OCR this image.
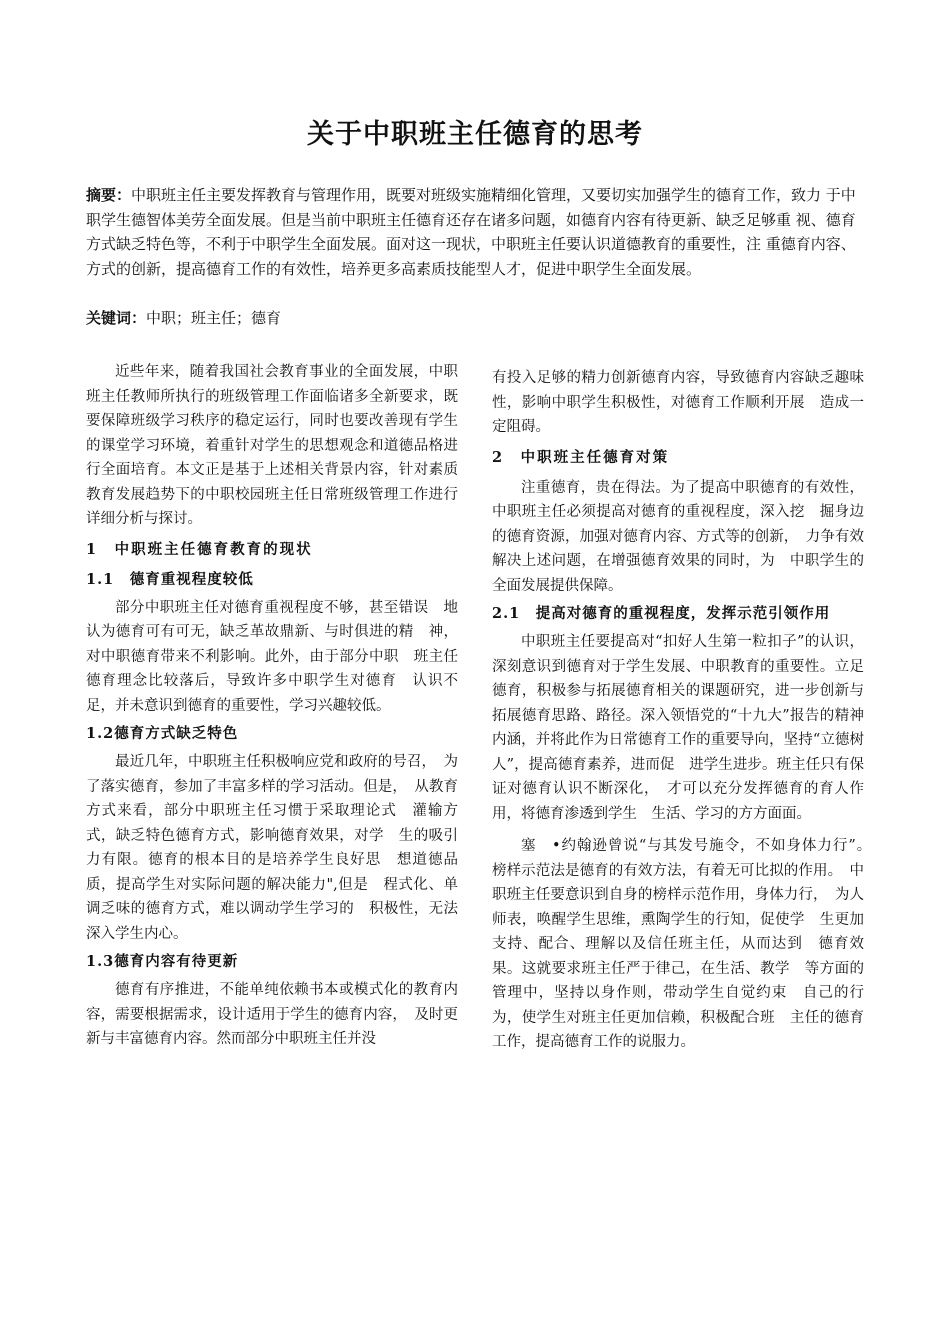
关于中职班主任德育的思考
摘要：中职班主任主要发挥教育与管理作用，既要对班级实施精细化管理，又要切实加强学生的德育工作，致力 于中职学生德智体美劳全面发展。但是当前中职班主任德育还存在诸多问题，如德育内容有待更新、缺乏足够重 视、德育方式缺乏特色等，不利于中职学生全面发展。面对这一现状，中职班主任要认识道德教育的重要性，注 重德育内容、方式的创新，提高德育工作的有效性，培养更多高素质技能型人才，促进中职学生全面发展。
关键词：中职；班主任；德育

近些年来，随着我国社会教育事业的全面发展，中职班主任教师所执行的班级管理工作面临诸多全新要求，既要保障班级学习秩序的稳定运行，同时也要改善现有学生的课堂学习环境，着重针对学生的思想观念和道德品格进行全面培育。本文正是基于上述相关背景内容，针对素质教育发展趋势下的中职校园班主任日常班级管理工作进行详细分析与探讨。

1　中职班主任德育教育的现状
1.1　德育重视程度较低

部分中职班主任对德育重视程度不够，甚至错误　地认为德育可有可无，缺乏革故鼎新、与时俱进的精　神，对中职德育带来不利影响。此外，由于部分中职　班主任德育理念比较落后，导致许多中职学生对德育　认识不足，并未意识到德育的重要性，学习兴趣较低。

1.2德育方式缺乏特色

最近几年，中职班主任积极响应党和政府的号召，　为了落实德育，参加了丰富多样的学习活动。但是，　从教育方式来看，部分中职班主任习惯于采取理论式　灌输方式，缺乏特色德育方式，影响德育效果，对学　生的吸引力有限。德育的根本目的是培养学生良好思　想道德品质，提高学生对实际问题的解决能力",但是　程式化、单调乏味的德育方式，难以调动学生学习的　积极性，无法深入学生内心。

1.3德育内容有待更新

德育有序推进，不能单纯依赖书本或模式化的教育内容，需要根据需求，设计适用于学生的德育内容，　及时更新与丰富德育内容。然而部分中职班主任并没

有投入足够的精力创新德育内容，导致德育内容缺乏趣味性，影响中职学生积极性，对德育工作顺利开展　造成一定阻碍。

2　中职班主任德育对策

注重德育，贵在得法。为了提高中职德育的有效性，中职班主任必须提高对德育的重视程度，深入挖　掘身边的德育资源，加强对德育内容、方式等的创新，　力争有效解决上述问题，在增强德育效果的同时，为　中职学生的全面发展提供保障。

2.1　提高对德育的重视程度，发挥示范引领作用

中职班主任要提高对“扣好人生第一粒扣子”的认识，深刻意识到德育对于学生发展、中职教育的重要性。立足德育，积极参与拓展德育相关的课题研究，进一步创新与拓展德育思路、路径。深入领悟党的“十九大”报告的精神内涵，并将此作为日常德育工作的重要导向，坚持“立德树人”，提高德育素养，进而促　进学生进步。班主任只有保证对德育认识不断深化，　才可以充分发挥德育的育人作用，将德育渗透到学生　生活、学习的方方面面。

塞　•约翰逊曾说“与其发号施令，不如身体力行”。　榜样示范法是德育的有效方法，有着无可比拟的作用。　中职班主任要意识到自身的榜样示范作用，身体力行，　为人师表，唤醒学生思维，熏陶学生的行知，促使学　生更加支持、配合、理解以及信任班主任，从而达到　德育效果。这就要求班主任严于律己，在生活、教学　等方面的管理中，坚持以身作则，带动学生自觉约束　自己的行为，使学生对班主任更加信赖，积极配合班　主任的德育工作，提高德育工作的说服力。
